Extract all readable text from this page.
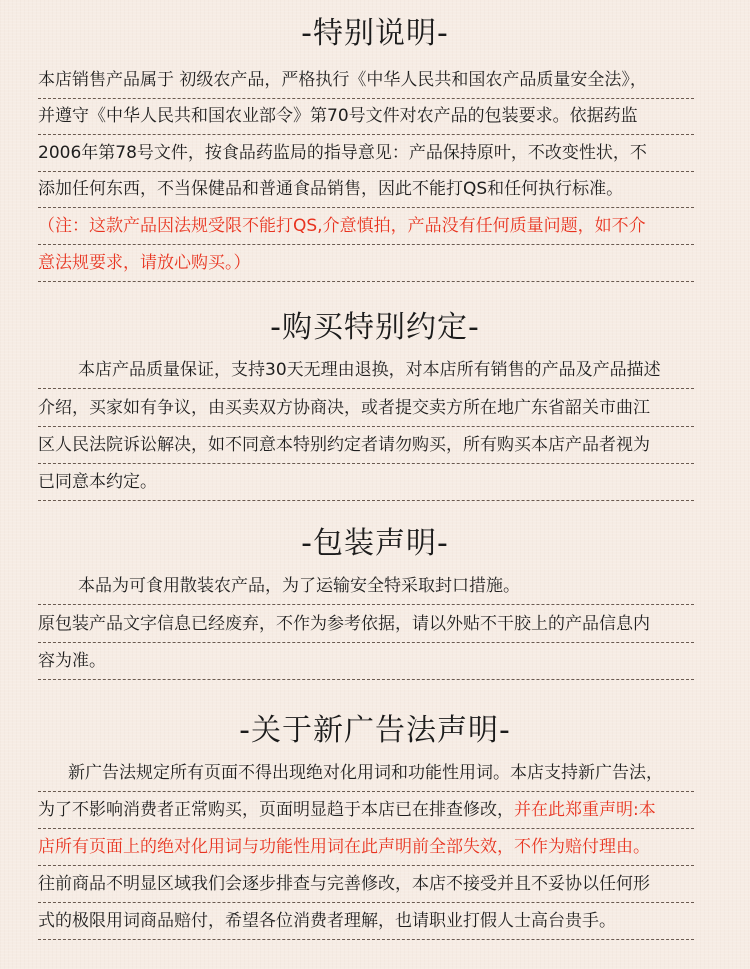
-特别说明-
本店销售产品属于 初级农产品，严格执行《中华人民共和国农产品质量安全法》，
并遵守《中华人民共和国农业部令》第70号文件对农产品的包装要求。依据药监
2006年第78号文件，按食品药监局的指导意见：产品保持原叶，不改变性状，不
添加任何东西，不当保健品和普通食品销售，因此不能打QS和任何执行标准。
（注：这款产品因法规受限不能打QS,介意慎拍，产品没有任何质量问题，如不介
意法规要求，请放心购买。）
-购买特别约定-
本店产品质量保证，支持30天无理由退换，对本店所有销售的产品及产品描述
介绍，买家如有争议，由买卖双方协商决，或者提交卖方所在地广东省韶关市曲江
区人民法院诉讼解决，如不同意本特别约定者请勿购买，所有购买本店产品者视为
已同意本约定。
-包装声明-
本品为可食用散装农产品，为了运输安全特采取封口措施。
原包装产品文字信息已经废弃，不作为参考依据，请以外贴不干胶上的产品信息内
容为准。
-关于新广告法声明-
新广告法规定所有页面不得出现绝对化用词和功能性用词。本店支持新广告法，
为了不影响消费者正常购买，页面明显趋于本店已在排查修改，并在此郑重声明:本
店所有页面上的绝对化用词与功能性用词在此声明前全部失效，不作为赔付理由。
往前商品不明显区域我们会逐步排查与完善修改，本店不接受并且不妥协以任何形
式的极限用词商品赔付，希望各位消费者理解，也请职业打假人士高台贵手。
